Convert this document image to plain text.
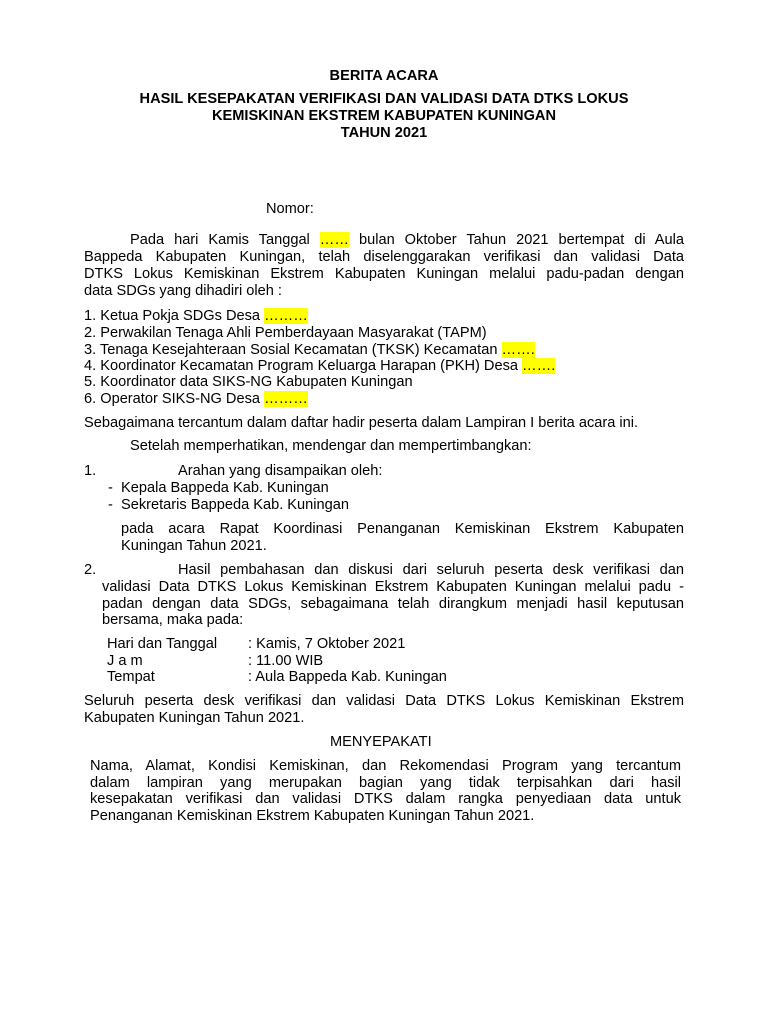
BERITA ACARA
HASIL KESEPAKATAN VERIFIKASI DAN VALIDASI DATA DTKS LOKUS
KEMISKINAN EKSTREM KABUPATEN KUNINGAN
TAHUN 2021
Nomor:
Pada hari Kamis Tanggal …… bulan Oktober Tahun 2021 bertempat di Aula
Bappeda Kabupaten Kuningan, telah diselenggarakan verifikasi dan validasi Data
DTKS Lokus Kemiskinan Ekstrem Kabupaten Kuningan melalui padu-padan dengan
data SDGs yang dihadiri oleh :
1. Ketua Pokja SDGs Desa ………
2. Perwakilan Tenaga Ahli Pemberdayaan Masyarakat (TAPM)
3. Tenaga Kesejahteraan Sosial Kecamatan (TKSK) Kecamatan …….
4. Koordinator Kecamatan Program Keluarga Harapan (PKH) Desa …….
5. Koordinator data SIKS-NG Kabupaten Kuningan
6. Operator SIKS-NG Desa ………
Sebagaimana tercantum dalam daftar hadir peserta dalam Lampiran I berita acara ini.
Setelah memperhatikan, mendengar dan mempertimbangkan:
1.	Arahan yang disampaikan oleh:
- Kepala Bappeda Kab. Kuningan
- Sekretaris Bappeda Kab. Kuningan
pada acara Rapat Koordinasi Penanganan Kemiskinan Ekstrem Kabupaten
Kuningan Tahun 2021.
2.	Hasil pembahasan dan diskusi dari seluruh peserta desk verifikasi dan
validasi Data DTKS Lokus Kemiskinan Ekstrem Kabupaten Kuningan melalui padu -
padan dengan data SDGs, sebagaimana telah dirangkum menjadi hasil keputusan
bersama, maka pada:
Hari dan Tanggal : Kamis, 7 Oktober 2021
J a m	: 11.00 WIB
Tempat	: Aula Bappeda Kab. Kuningan
Seluruh peserta desk verifikasi dan validasi Data DTKS Lokus Kemiskinan Ekstrem
Kabupaten Kuningan Tahun 2021.
MENYEPAKATI
Nama, Alamat, Kondisi Kemiskinan, dan Rekomendasi Program yang tercantum
dalam lampiran yang merupakan bagian yang tidak terpisahkan dari hasil
kesepakatan verifikasi dan validasi DTKS dalam rangka penyediaan data untuk
Penanganan Kemiskinan Ekstrem Kabupaten Kuningan Tahun 2021.
